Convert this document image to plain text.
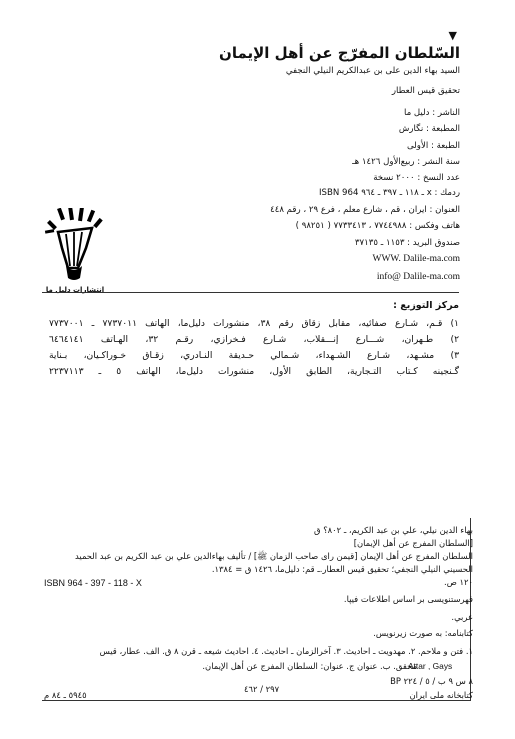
▼
السّلطان المفرّج عن أهل الإيمان
السيد بهاء الدين على بن عبدالكريم النيلي النجفي
تحقيق قيس العطار
الناشر : دليل ما
المطبعة : نگارش
الطبعة : الأولى
سنة النشر : ربيع‌الأول ١٤٢٦ هـ
عدد النسخ : ٢٠٠٠ نسخة
ردمك : x ـ ١١٨ ـ ٣٩٧ ـ ٩٦٤ ISBN 964
العنوان : ايران ، قم ، شارع معلم ، فرع ٢٩ ، رقم ٤٤٨
هاتف وفكس : ٧٧٤٤٩٨٨ ، ٧٧٣٣٤١٣ ( ٩٨٢٥١ )
صندوق البريد : ١١٥٣ ـ ٣٧١٣٥
WWW. Dalile-ma.com
info@ Dalile-ma.com
انتشارات دليل ما
مركز التوزيع :
١) قـم، شـارع صفائيه، مقابل زقاق رقم ٣٨، منشورات دليل‌ما، الهاتف ٧٧٣٧٠١١ ـ ٧٧٣٧٠٠١
٢) طـهران، شـــارع إنـــقلاب، شـارع فـخرازي، رقـم ٣٢، الهـاتف ٦٤٦٤١٤١
٣) مشـهد، شـارع الشـهداء، شـمالي حـديقة النـادري، زقـاق خـوراكـيان، بـناية
گـنجينه كـتاب التـجارية، الطابق الأول، منشورات دليل‌ما، الهاتف ٥ ـ ٢٢٣٧١١٣
بهاء الدين نيلي، علي بن عبد الكريم، ـ ٨٠٢؟ ق
[السلطان المفرج عن أهل الإيمان]
السلطان المفرج عن أهل الإيمان [قيمن راى صاحب الزمان ﷺ] / تأليف بهاءالدين علي بن عبد الكريم بن عبد الحميد
الحسيني النيلي النجفي؛ تحقيق قيس العطار.ـ قم: دليل‌ما، ١٤٢٦ ق = ١٣٨٤.
ISBN 964 - 397 - 118 - X	١٢٠ ص.
فهرستنويسى بر اساس اطلاعات فيپا.
عربي.
كتابنامه: به صورت زيرنويس.
١. فتن و ملاحم. ٢. مهدويت ـ احاديث. ٣. آخرالزمان ـ احاديث. ٤. احاديث شيعه ـ قرن ٨ ق. الف. عطار، قيس
محقق. ب. عنوان ج. عنوان: السلطان المفرج عن أهل الإيمان.
Attar , Gays
٨ س ٩ ب / ٥ / ٢٢٤ BP
٢٩٧ / ٤٦٢
كتابخانه ملى ايران
٥٩٤٥ ـ ٨٤ م
